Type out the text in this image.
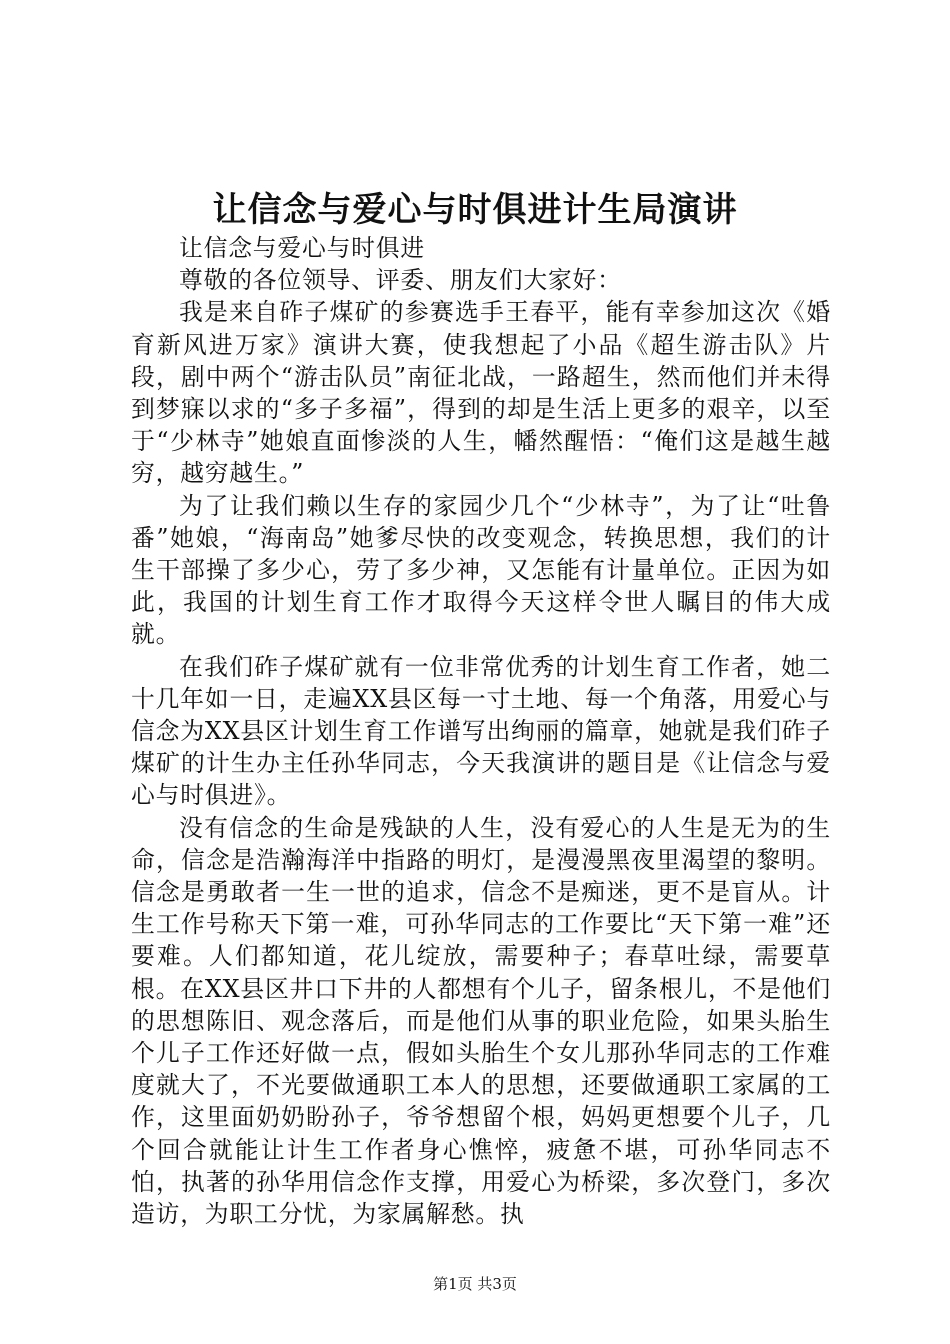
让信念与爱心与时俱进计生局演讲

让信念与爱心与时俱进

尊敬的各位领导、评委、朋友们大家好：

我是来自砟子煤矿的参赛选手王春平，能有幸参加这次《婚育新风进万家》演讲大赛，使我想起了小品《超生游击队》片段，剧中两个“游击队员”南征北战，一路超生，然而他们并未得到梦寐以求的“多子多福”，得到的却是生活上更多的艰辛，以至于“少林寺”她娘直面惨淡的人生，幡然醒悟：“俺们这是越生越穷，越穷越生。”

为了让我们赖以生存的家园少几个“少林寺”，为了让“吐鲁番”她娘，“海南岛”她爹尽快的改变观念，转换思想，我们的计生干部操了多少心，劳了多少神，又怎能有计量单位。正因为如此，我国的计划生育工作才取得今天这样令世人瞩目的伟大成就。

在我们砟子煤矿就有一位非常优秀的计划生育工作者，她二十几年如一日，走遍XX县区每一寸土地、每一个角落，用爱心与信念为XX县区计划生育工作谱写出绚丽的篇章，她就是我们砟子煤矿的计生办主任孙华同志，今天我演讲的题目是《让信念与爱心与时俱进》。

没有信念的生命是残缺的人生，没有爱心的人生是无为的生命，信念是浩瀚海洋中指路的明灯，是漫漫黑夜里渴望的黎明。信念是勇敢者一生一世的追求，信念不是痴迷，更不是盲从。计生工作号称天下第一难，可孙华同志的工作要比“天下第一难”还要难。人们都知道，花儿绽放，需要种子；春草吐绿，需要草根。在XX县区井口下井的人都想有个儿子，留条根儿，不是他们的思想陈旧、观念落后，而是他们从事的职业危险，如果头胎生个儿子工作还好做一点，假如头胎生个女儿那孙华同志的工作难度就大了，不光要做通职工本人的思想，还要做通职工家属的工作，这里面奶奶盼孙子，爷爷想留个根，妈妈更想要个儿子，几个回合就能让计生工作者身心憔悴，疲惫不堪，可孙华同志不怕，执著的孙华用信念作支撑，用爱心为桥梁，多次登门，多次造访，为职工分忧，为家属解愁。执

第1页 共3页
